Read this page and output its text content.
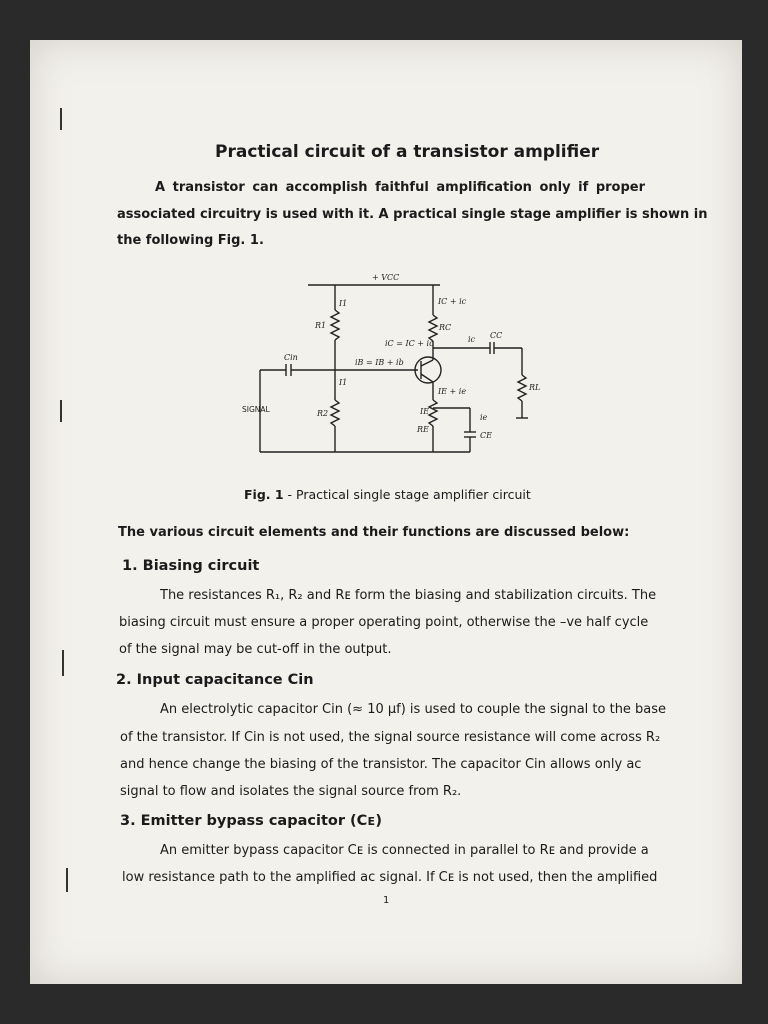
Practical circuit of a transistor amplifier
A transistor can accomplish faithful amplification only if proper
associated circuitry is used with it. A practical single stage amplifier is shown in
the following Fig. 1.
+ VCC
I1
R1
IC + ic
RC
iC = IC + ic	ic CC
Cin
iB = IB + ib
I1
IE + ie	RL
R2	IE
RE
ie
CE
SIGNAL
Fig. 1 - Practical single stage amplifier circuit
The various circuit elements and their functions are discussed below:
1. Biasing circuit
The resistances R₁, R₂ and Rᴇ form the biasing and stabilization circuits. The
biasing circuit must ensure a proper operating point, otherwise the –ve half cycle
of the signal may be cut-off in the output.
2. Input capacitance Cin
An electrolytic capacitor Cin (≈ 10 μf) is used to couple the signal to the base
of the transistor. If Cin is not used, the signal source resistance will come across R₂
and hence change the biasing of the transistor. The capacitor Cin allows only ac
signal to flow and isolates the signal source from R₂.
3. Emitter bypass capacitor (Cᴇ)
An emitter bypass capacitor Cᴇ is connected in parallel to Rᴇ and provide a
low resistance path to the amplified ac signal. If Cᴇ is not used, then the amplified
1
